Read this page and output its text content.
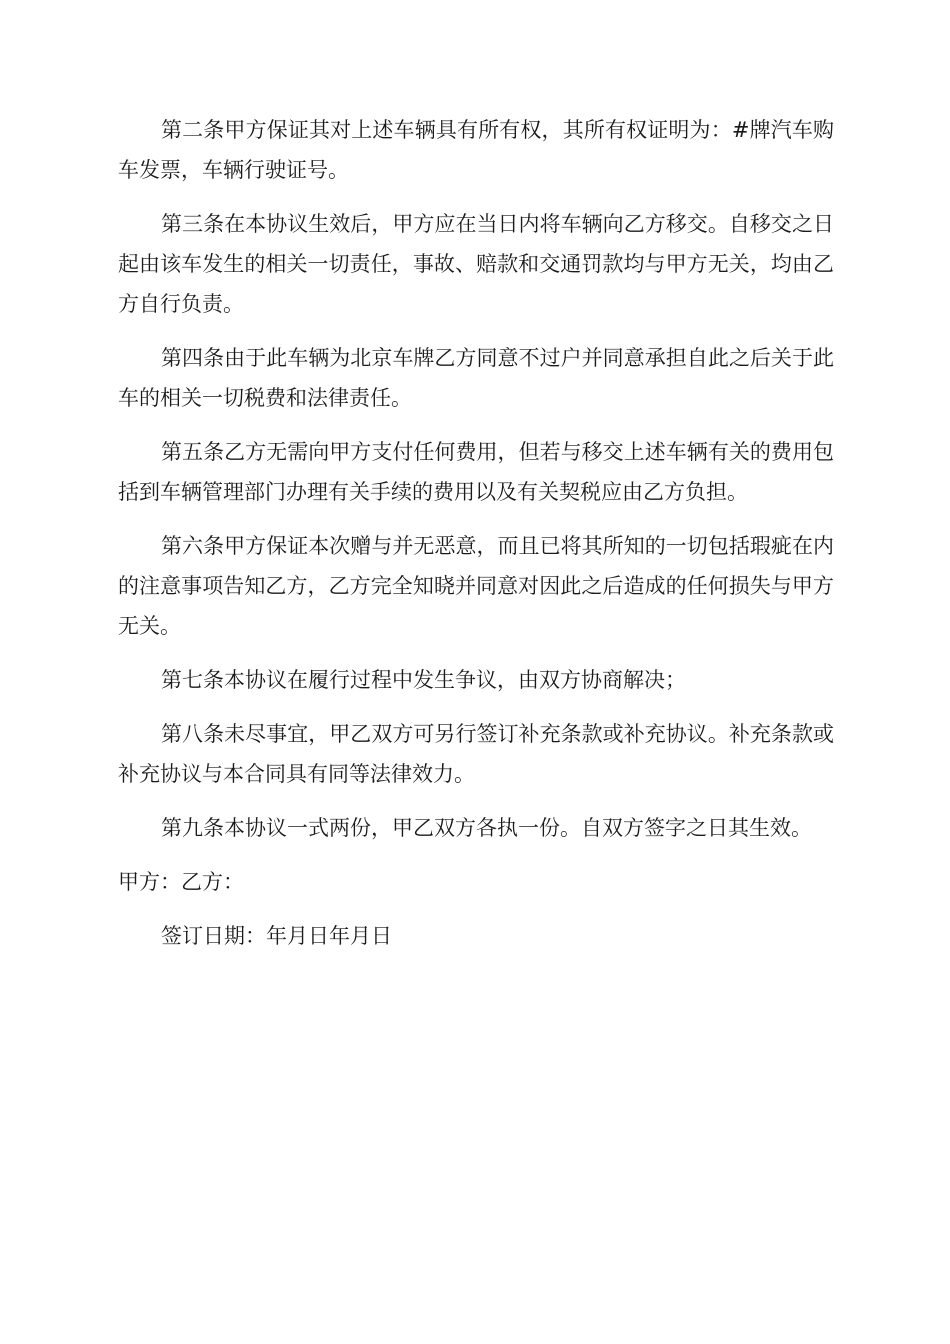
第二条甲方保证其对上述车辆具有所有权，其所有权证明为：#牌汽车购车发票，车辆行驶证号。

第三条在本协议生效后，甲方应在当日内将车辆向乙方移交。自移交之日起由该车发生的相关一切责任，事故、赔款和交通罚款均与甲方无关，均由乙方自行负责。

第四条由于此车辆为北京车牌乙方同意不过户并同意承担自此之后关于此车的相关一切税费和法律责任。

第五条乙方无需向甲方支付任何费用，但若与移交上述车辆有关的费用包括到车辆管理部门办理有关手续的费用以及有关契税应由乙方负担。

第六条甲方保证本次赠与并无恶意，而且已将其所知的一切包括瑕疵在内的注意事项告知乙方，乙方完全知晓并同意对因此之后造成的任何损失与甲方无关。

第七条本协议在履行过程中发生争议，由双方协商解决；

第八条未尽事宜，甲乙双方可另行签订补充条款或补充协议。补充条款或补充协议与本合同具有同等法律效力。

第九条本协议一式两份，甲乙双方各执一份。自双方签字之日其生效。

甲方：乙方：

签订日期：年月日年月日
